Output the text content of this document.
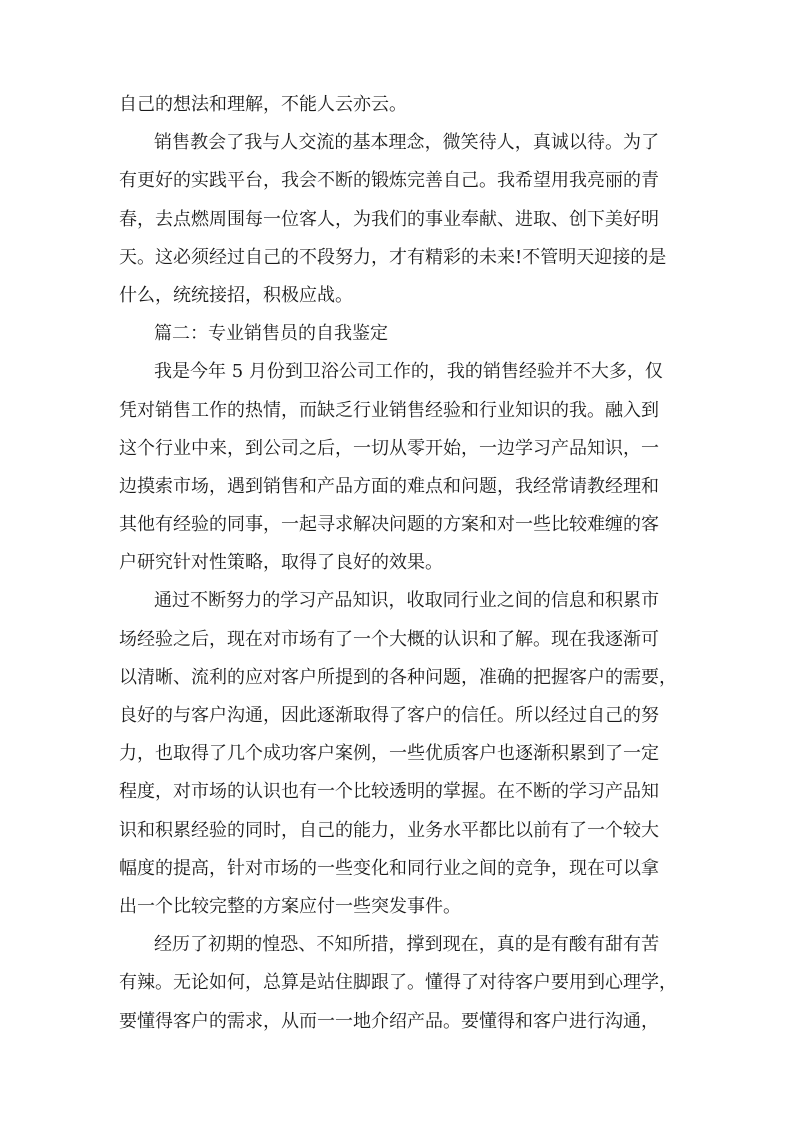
自己的想法和理解，不能人云亦云。

销售教会了我与人交流的基本理念，微笑待人，真诚以待。为了

有更好的实践平台，我会不断的锻炼完善自己。我希望用我亮丽的青

春，去点燃周围每一位客人，为我们的事业奉献、进取、创下美好明

天。这必须经过自己的不段努力，才有精彩的未来!不管明天迎接的是

什么，统统接招，积极应战。

篇二：专业销售员的自我鉴定

我是今年 5 月份到卫浴公司工作的，我的销售经验并不大多，仅

凭对销售工作的热情，而缺乏行业销售经验和行业知识的我。融入到

这个行业中来，到公司之后，一切从零开始，一边学习产品知识，一

边摸索市场，遇到销售和产品方面的难点和问题，我经常请教经理和

其他有经验的同事，一起寻求解决问题的方案和对一些比较难缠的客

户研究针对性策略，取得了良好的效果。

通过不断努力的学习产品知识，收取同行业之间的信息和积累市

场经验之后，现在对市场有了一个大概的认识和了解。现在我逐渐可

以清晰、流利的应对客户所提到的各种问题，准确的把握客户的需要，

良好的与客户沟通，因此逐渐取得了客户的信任。所以经过自己的努

力，也取得了几个成功客户案例，一些优质客户也逐渐积累到了一定

程度，对市场的认识也有一个比较透明的掌握。在不断的学习产品知

识和积累经验的同时，自己的能力，业务水平都比以前有了一个较大

幅度的提高，针对市场的一些变化和同行业之间的竞争，现在可以拿

出一个比较完整的方案应付一些突发事件。

经历了初期的惶恐、不知所措，撑到现在，真的是有酸有甜有苦

有辣。无论如何，总算是站住脚跟了。懂得了对待客户要用到心理学，

要懂得客户的需求，从而一一地介绍产品。要懂得和客户进行沟通，
